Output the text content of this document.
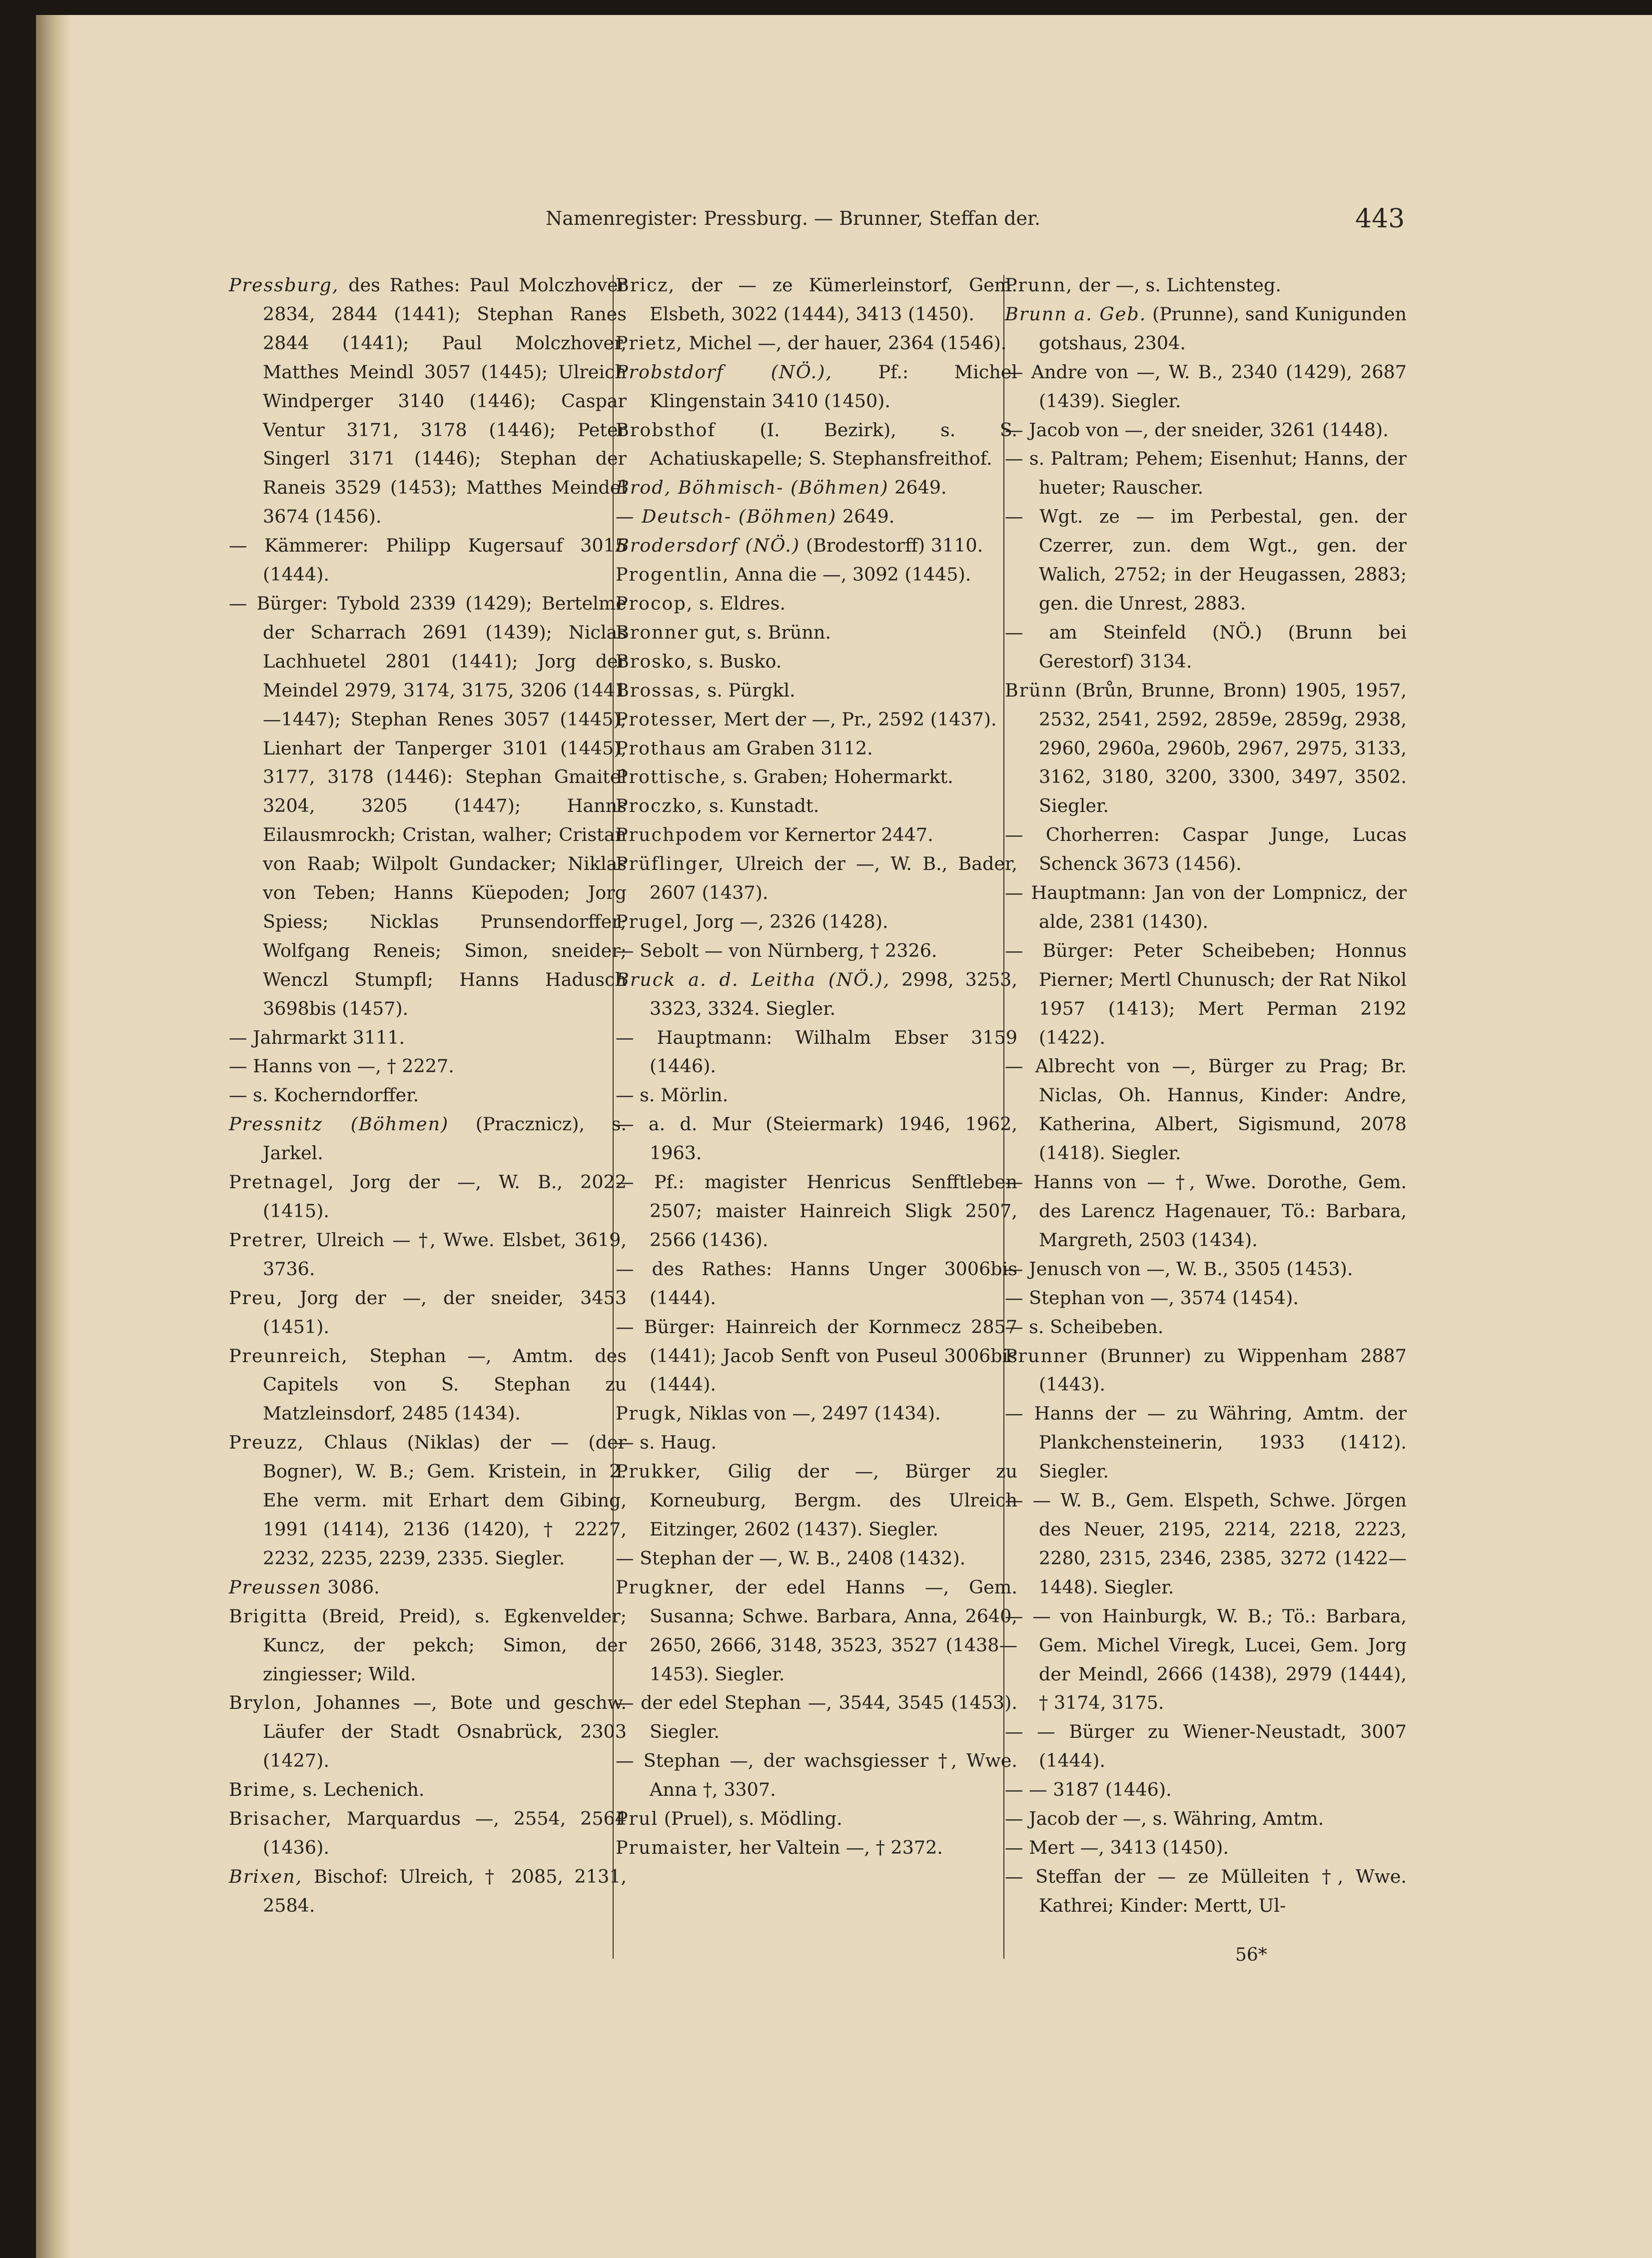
Namenregister: Pressburg. — Brunner, Steffan der.	443

Pressburg, des Rathes: Paul Molczhover 2834, 2844 (1441); Stephan Ranes 2844 (1441); Paul Molczhover, Matthes Meindl 3057 (1445); Ulreich Windperger 3140 (1446); Caspar Ventur 3171, 3178 (1446); Peter Singerl 3171 (1446); Stephan der Raneis 3529 (1453); Matthes Meindel 3674 (1456).

— Kämmerer: Philipp Kugersauf 3015 (1444).

— Bürger: Tybold 2339 (1429); Bertelme der Scharrach 2691 (1439); Niclas Lachhuetel 2801 (1441); Jorg der Meindel 2979, 3174, 3175, 3206 (1441—1447); Stephan Renes 3057 (1445); Lienhart der Tanperger 3101 (1445), 3177, 3178 (1446): Stephan Gmaitel 3204, 3205 (1447); Hanns Eilausmrockh; Cristan, walher; Cristan von Raab; Wilpolt Gundacker; Niklas von Teben; Hanns Küepoden; Jorg Spiess; Nicklas Prunsendorffer; Wolfgang Reneis; Simon, sneider; Wenczl Stumpfl; Hanns Hadusch 3698bis (1457).

— Jahrmarkt 3111.

— Hanns von —, † 2227.

— s. Kocherndorffer.

Pressnitz (Böhmen) (Pracznicz), s. Jarkel.

Pretnagel, Jorg der —, W. B., 2022 (1415).

Pretrer, Ulreich — †, Wwe. Elsbet, 3619, 3736.

Preu, Jorg der —, der sneider, 3453 (1451).

Preunreich, Stephan —, Amtm. des Capitels von S. Stephan zu Matzleinsdorf, 2485 (1434).

Preuzz, Chlaus (Niklas) der — (der Bogner), W. B.; Gem. Kristein, in 2. Ehe verm. mit Erhart dem Gibing, 1991 (1414), 2136 (1420), † 2227, 2232, 2235, 2239, 2335. Siegler.

Preussen 3086.

Brigitta (Breid, Preid), s. Egkenvelder; Kuncz, der pekch; Simon, der zingiesser; Wild.

Brylon, Johannes —, Bote und geschw. Läufer der Stadt Osnabrück, 2303 (1427).

Brime, s. Lechenich.

Brisacher, Marquardus —, 2554, 2564 (1436).

Brixen, Bischof: Ulreich, † 2085, 2131, 2584.

Bricz, der — ze Kümerleinstorf, Gem. Elsbeth, 3022 (1444), 3413 (1450).

Prietz, Michel —, der hauer, 2364 (1546).

Probstdorf (NÖ.), Pf.: Michel Klingenstain 3410 (1450).

Brobsthof (I. Bezirk), s. S. Achatiuskapelle; S. Stephansfreithof.

Brod, Böhmisch- (Böhmen) 2649.

— Deutsch- (Böhmen) 2649.

Brodersdorf (NÖ.) (Brodestorff) 3110.

Progentlin, Anna die —, 3092 (1445).

Procop, s. Eldres.

Bronner gut, s. Brünn.

Brosko, s. Busko.

Brossas, s. Pürgkl.

Protesser, Mert der —, Pr., 2592 (1437).

Prothaus am Graben 3112.

Prottische, s. Graben; Hohermarkt.

Proczko, s. Kunstadt.

Pruchpodem vor Kernertor 2447.

Prüflinger, Ulreich der —, W. B., Bader, 2607 (1437).

Prugel, Jorg —, 2326 (1428).

— Sebolt — von Nürnberg, † 2326.

Bruck a. d. Leitha (NÖ.), 2998, 3253, 3323, 3324. Siegler.

— Hauptmann: Wilhalm Ebser 3159 (1446).

— s. Mörlin.

— a. d. Mur (Steiermark) 1946, 1962, 1963.

— Pf.: magister Henricus Senfftleben 2507; maister Hainreich Sligk 2507, 2566 (1436).

— des Rathes: Hanns Unger 3006bis (1444).

— Bürger: Hainreich der Kornmecz 2857 (1441); Jacob Senft von Puseul 3006bis (1444).

Prugk, Niklas von —, 2497 (1434).

— s. Haug.

Prukker, Gilig der —, Bürger zu Korneuburg, Bergm. des Ulreich Eitzinger, 2602 (1437). Siegler.

— Stephan der —, W. B., 2408 (1432).

Prugkner, der edel Hanns —, Gem. Susanna; Schwe. Barbara, Anna, 2640, 2650, 2666, 3148, 3523, 3527 (1438—1453). Siegler.

— der edel Stephan —, 3544, 3545 (1453). Siegler.

— Stephan —, der wachsgiesser †, Wwe. Anna †, 3307.

Prul (Pruel), s. Mödling.

Prumaister, her Valtein —, † 2372.

Prunn, der —, s. Lichtensteg.

Brunn a. Geb. (Prunne), sand Kunigunden gotshaus, 2304.

— Andre von —, W. B., 2340 (1429), 2687 (1439). Siegler.

— Jacob von —, der sneider, 3261 (1448).

— s. Paltram; Pehem; Eisenhut; Hanns, der hueter; Rauscher.

— Wgt. ze — im Perbestal, gen. der Czerrer, zun. dem Wgt., gen. der Walich, 2752; in der Heugassen, 2883; gen. die Unrest, 2883.

— am Steinfeld (NÖ.) (Brunn bei Gerestorf) 3134.

Brünn (Brůn, Brunne, Bronn) 1905, 1957, 2532, 2541, 2592, 2859e, 2859g, 2938, 2960, 2960a, 2960b, 2967, 2975, 3133, 3162, 3180, 3200, 3300, 3497, 3502. Siegler.

— Chorherren: Caspar Junge, Lucas Schenck 3673 (1456).

— Hauptmann: Jan von der Lompnicz, der alde, 2381 (1430).

— Bürger: Peter Scheibeben; Honnus Pierner; Mertl Chunusch; der Rat Nikol 1957 (1413); Mert Perman 2192 (1422).

— Albrecht von —, Bürger zu Prag; Br. Niclas, Oh. Hannus, Kinder: Andre, Katherina, Albert, Sigismund, 2078 (1418). Siegler.

— Hanns von — †, Wwe. Dorothe, Gem. des Larencz Hagenauer, Tö.: Barbara, Margreth, 2503 (1434).

— Jenusch von —, W. B., 3505 (1453).

— Stephan von —, 3574 (1454).

— s. Scheibeben.

Prunner (Brunner) zu Wippenham 2887 (1443).

— Hanns der — zu Währing, Amtm. der Plankchensteinerin, 1933 (1412). Siegler.

— — W. B., Gem. Elspeth, Schwe. Jörgen des Neuer, 2195, 2214, 2218, 2223, 2280, 2315, 2346, 2385, 3272 (1422—1448). Siegler.

— — von Hainburgk, W. B.; Tö.: Barbara, Gem. Michel Viregk, Lucei, Gem. Jorg der Meindl, 2666 (1438), 2979 (1444), † 3174, 3175.

— — Bürger zu Wiener-Neustadt, 3007 (1444).

— — 3187 (1446).

— Jacob der —, s. Währing, Amtm.

— Mert —, 3413 (1450).

— Steffan der — ze Mülleiten †, Wwe. Kathrei; Kinder: Mertt, Ul-

56*
